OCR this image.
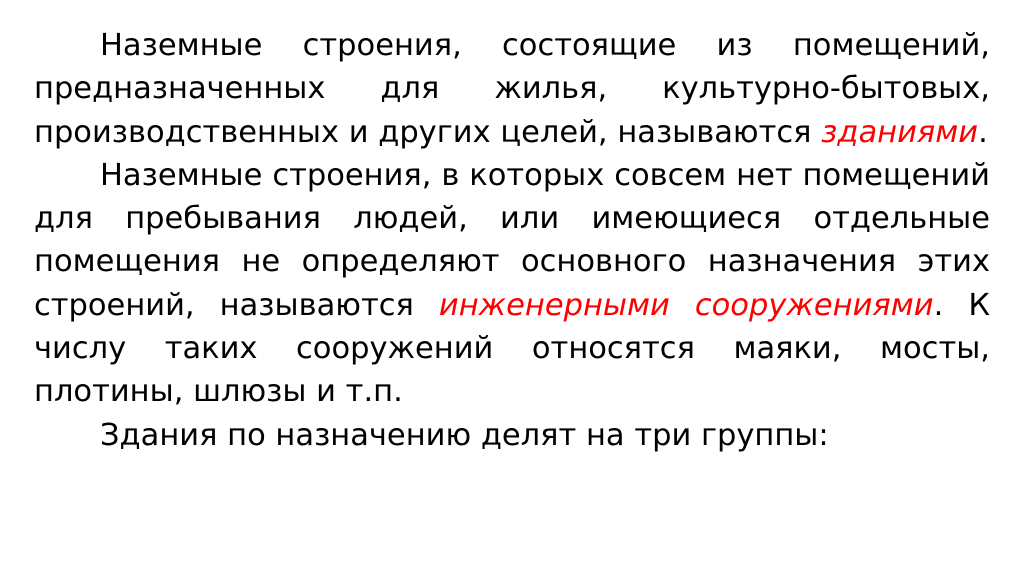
Наземные строения, состоящие из помещений, предназначенных для жилья, культурно-бытовых, производственных и других целей, называются зданиями.

Наземные строения, в которых совсем нет помещений для пребывания людей, или имеющиеся отдельные помещения не определяют основного назначения этих строений, называются инженерными сооружениями. К числу таких сооружений относятся маяки, мосты, плотины, шлюзы и т.п.

Здания по назначению делят на три группы:
